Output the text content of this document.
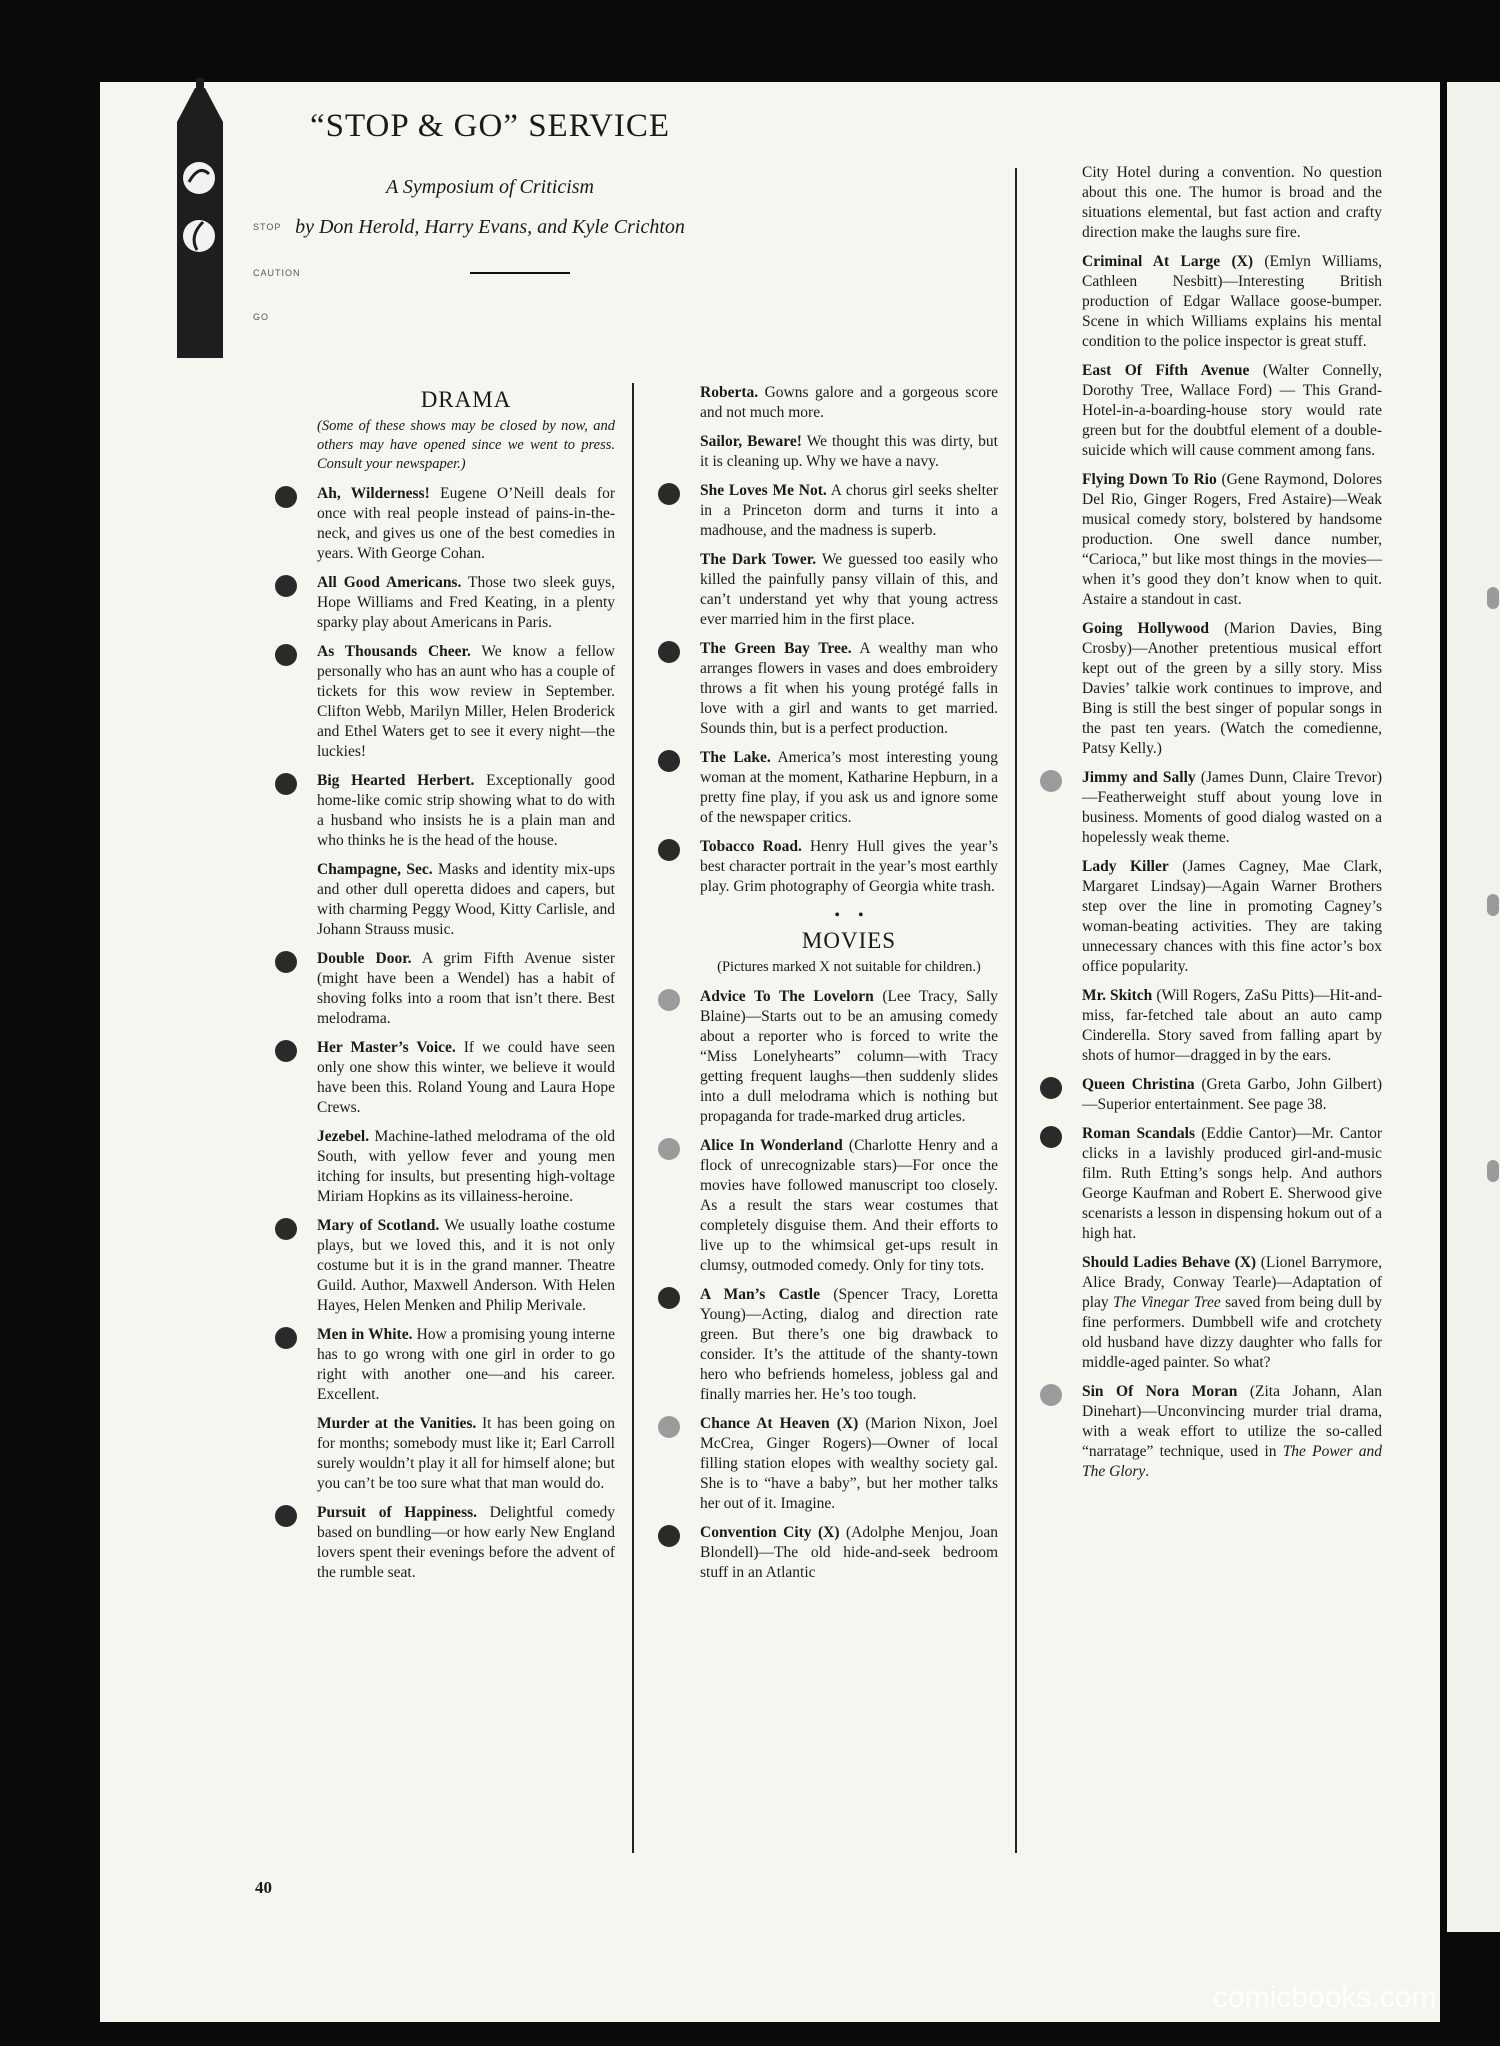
STOP
CAUTION
GO
“STOP & GO” SERVICE
A Symposium of Criticism
by Don Herold, Harry Evans, and Kyle Crichton
DRAMA
(Some of these shows may be closed by now, and others may have opened since we went to press. Consult your newspaper.)
Ah, Wilderness! Eugene O’Neill deals for once with real people instead of pains-in-the-neck, and gives us one of the best comedies in years. With George Cohan.
All Good Americans. Those two sleek guys, Hope Williams and Fred Keating, in a plenty sparky play about Americans in Paris.
As Thousands Cheer. We know a fellow personally who has an aunt who has a couple of tickets for this wow review in September. Clifton Webb, Marilyn Miller, Helen Broderick and Ethel Waters get to see it every night—the luckies!
Big Hearted Herbert. Exceptionally good home-like comic strip showing what to do with a husband who insists he is a plain man and who thinks he is the head of the house.
Champagne, Sec. Masks and identity mix-ups and other dull operetta didoes and capers, but with charming Peggy Wood, Kitty Carlisle, and Johann Strauss music.
Double Door. A grim Fifth Avenue sister (might have been a Wendel) has a habit of shoving folks into a room that isn’t there. Best melodrama.
Her Master’s Voice. If we could have seen only one show this winter, we believe it would have been this. Roland Young and Laura Hope Crews.
Jezebel. Machine-lathed melodrama of the old South, with yellow fever and young men itching for insults, but presenting high-voltage Miriam Hopkins as its villainess-heroine.
Mary of Scotland. We usually loathe costume plays, but we loved this, and it is not only costume but it is in the grand manner. Theatre Guild. Author, Maxwell Anderson. With Helen Hayes, Helen Menken and Philip Merivale.
Men in White. How a promising young interne has to go wrong with one girl in order to go right with another one—and his career. Excellent.
Murder at the Vanities. It has been going on for months; somebody must like it; Earl Carroll surely wouldn’t play it all for himself alone; but you can’t be too sure what that man would do.
Pursuit of Happiness. Delightful comedy based on bundling—or how early New England lovers spent their evenings before the advent of the rumble seat.
Roberta. Gowns galore and a gorgeous score and not much more.
Sailor, Beware! We thought this was dirty, but it is cleaning up. Why we have a navy.
She Loves Me Not. A chorus girl seeks shelter in a Princeton dorm and turns it into a madhouse, and the madness is superb.
The Dark Tower. We guessed too easily who killed the painfully pansy villain of this, and can’t understand yet why that young actress ever married him in the first place.
The Green Bay Tree. A wealthy man who arranges flowers in vases and does embroidery throws a fit when his young protégé falls in love with a girl and wants to get married. Sounds thin, but is a perfect production.
The Lake. America’s most interesting young woman at the moment, Katharine Hepburn, in a pretty fine play, if you ask us and ignore some of the newspaper critics.
Tobacco Road. Henry Hull gives the year’s best character portrait in the year’s most earthly play. Grim photography of Georgia white trash.
••
MOVIES
(Pictures marked X not suitable for children.)
Advice To The Lovelorn (Lee Tracy, Sally Blaine)—Starts out to be an amusing comedy about a reporter who is forced to write the “Miss Lonelyhearts” column—with Tracy getting frequent laughs—then suddenly slides into a dull melodrama which is nothing but propaganda for trade-marked drug articles.
Alice In Wonderland (Charlotte Henry and a flock of unrecognizable stars)—For once the movies have followed manuscript too closely. As a result the stars wear costumes that completely disguise them. And their efforts to live up to the whimsical get-ups result in clumsy, outmoded comedy. Only for tiny tots.
A Man’s Castle (Spencer Tracy, Loretta Young)—Acting, dialog and direction rate green. But there’s one big drawback to consider. It’s the attitude of the shanty-town hero who befriends homeless, jobless gal and finally marries her. He’s too tough.
Chance At Heaven (X) (Marion Nixon, Joel McCrea, Ginger Rogers)—Owner of local filling station elopes with wealthy society gal. She is to “have a baby”, but her mother talks her out of it. Imagine.
Convention City (X) (Adolphe Menjou, Joan Blondell)—The old hide-and-seek bedroom stuff in an Atlantic
City Hotel during a convention. No question about this one. The humor is broad and the situations elemental, but fast action and crafty direction make the laughs sure fire.
Criminal At Large (X) (Emlyn Williams, Cathleen Nesbitt)—Interesting British production of Edgar Wallace goose-bumper. Scene in which Williams explains his mental condition to the police inspector is great stuff.
East Of Fifth Avenue (Walter Connelly, Dorothy Tree, Wallace Ford) — This Grand-Hotel-in-a-boarding-house story would rate green but for the doubtful element of a double-suicide which will cause comment among fans.
Flying Down To Rio (Gene Raymond, Dolores Del Rio, Ginger Rogers, Fred Astaire)—Weak musical comedy story, bolstered by handsome production. One swell dance number, “Carioca,” but like most things in the movies—when it’s good they don’t know when to quit. Astaire a standout in cast.
Going Hollywood (Marion Davies, Bing Crosby)—Another pretentious musical effort kept out of the green by a silly story. Miss Davies’ talkie work continues to improve, and Bing is still the best singer of popular songs in the past ten years. (Watch the comedienne, Patsy Kelly.)
Jimmy and Sally (James Dunn, Claire Trevor)—Featherweight stuff about young love in business. Moments of good dialog wasted on a hopelessly weak theme.
Lady Killer (James Cagney, Mae Clark, Margaret Lindsay)—Again Warner Brothers step over the line in promoting Cagney’s woman-beating activities. They are taking unnecessary chances with this fine actor’s box office popularity.
Mr. Skitch (Will Rogers, ZaSu Pitts)—Hit-and-miss, far-fetched tale about an auto camp Cinderella. Story saved from falling apart by shots of humor—dragged in by the ears.
Queen Christina (Greta Garbo, John Gilbert)—Superior entertainment. See page 38.
Roman Scandals (Eddie Cantor)—Mr. Cantor clicks in a lavishly produced girl-and-music film. Ruth Etting’s songs help. And authors George Kaufman and Robert E. Sherwood give scenarists a lesson in dispensing hokum out of a high hat.
Should Ladies Behave (X) (Lionel Barrymore, Alice Brady, Conway Tearle)—Adaptation of play The Vinegar Tree saved from being dull by fine performers. Dumbbell wife and crotchety old husband have dizzy daughter who falls for middle-aged painter. So what?
Sin Of Nora Moran (Zita Johann, Alan Dinehart)—Unconvincing murder trial drama, with a weak effort to utilize the so-called “narratage” technique, used in The Power and The Glory.
40
comicbooks.com
